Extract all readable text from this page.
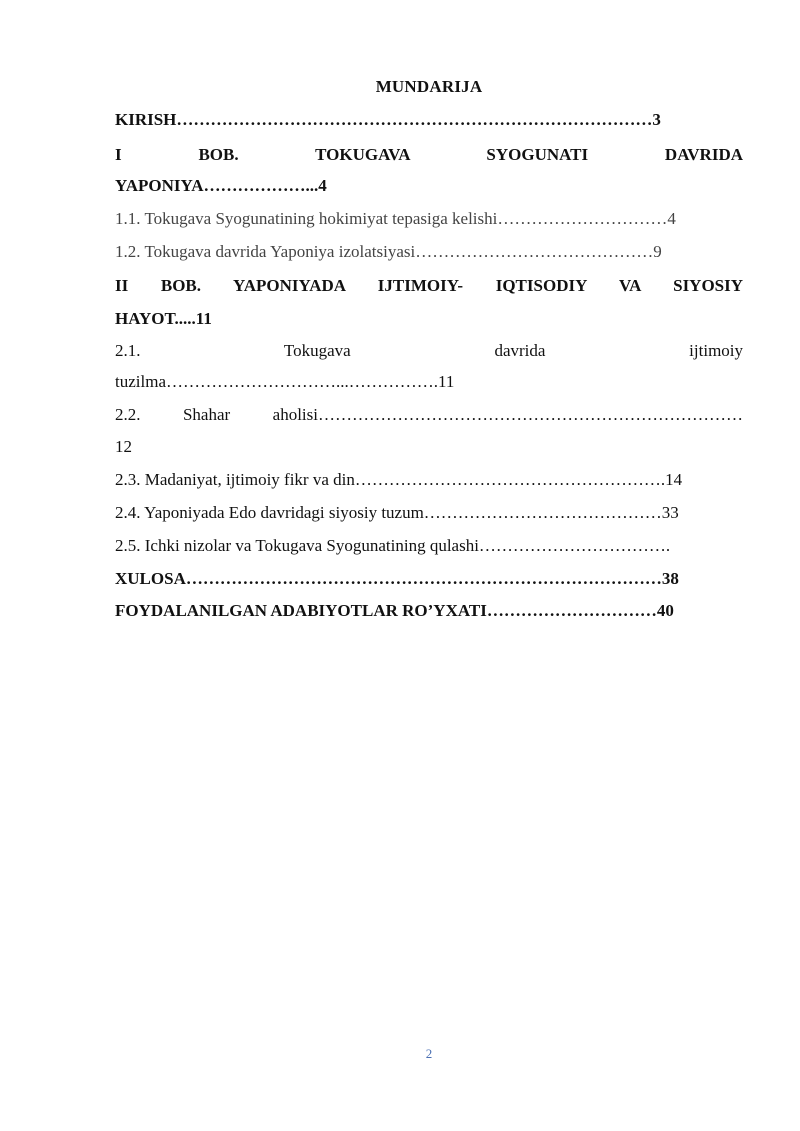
MUNDARIJA
KIRISH…………………………………………………………………………3
I	BOB.	TOKUGAVA	SYOGUNATI	DAVRIDA
YAPONIYA………………...4
1.1. Tokugava Syogunatining hokimiyat tepasiga kelishi…………………………4
1.2. Tokugava davrida Yaponiya izolatsiyasi……………………………………9
II BOB. YAPONIYADA IJTIMOIY- IQTISODIY VA SIYOSIY
HAYOT.....11
2.1.	Tokugava	davrida	ijtimoiy
tuzilma…………………………...…………….11
2.2. Shahar aholisi…………………………………………………………………
12
2.3. Madaniyat, ijtimoiy fikr va din……………………………………………….14
2.4. Yaponiyada Edo davridagi siyosiy tuzum……………………………………33
2.5. Ichki nizolar va Tokugava Syogunatining qulashi…………………………….
XULOSA…………………………………………………………………………38
FOYDALANILGAN ADABIYOTLAR RO’YXATI…………………………40
2
